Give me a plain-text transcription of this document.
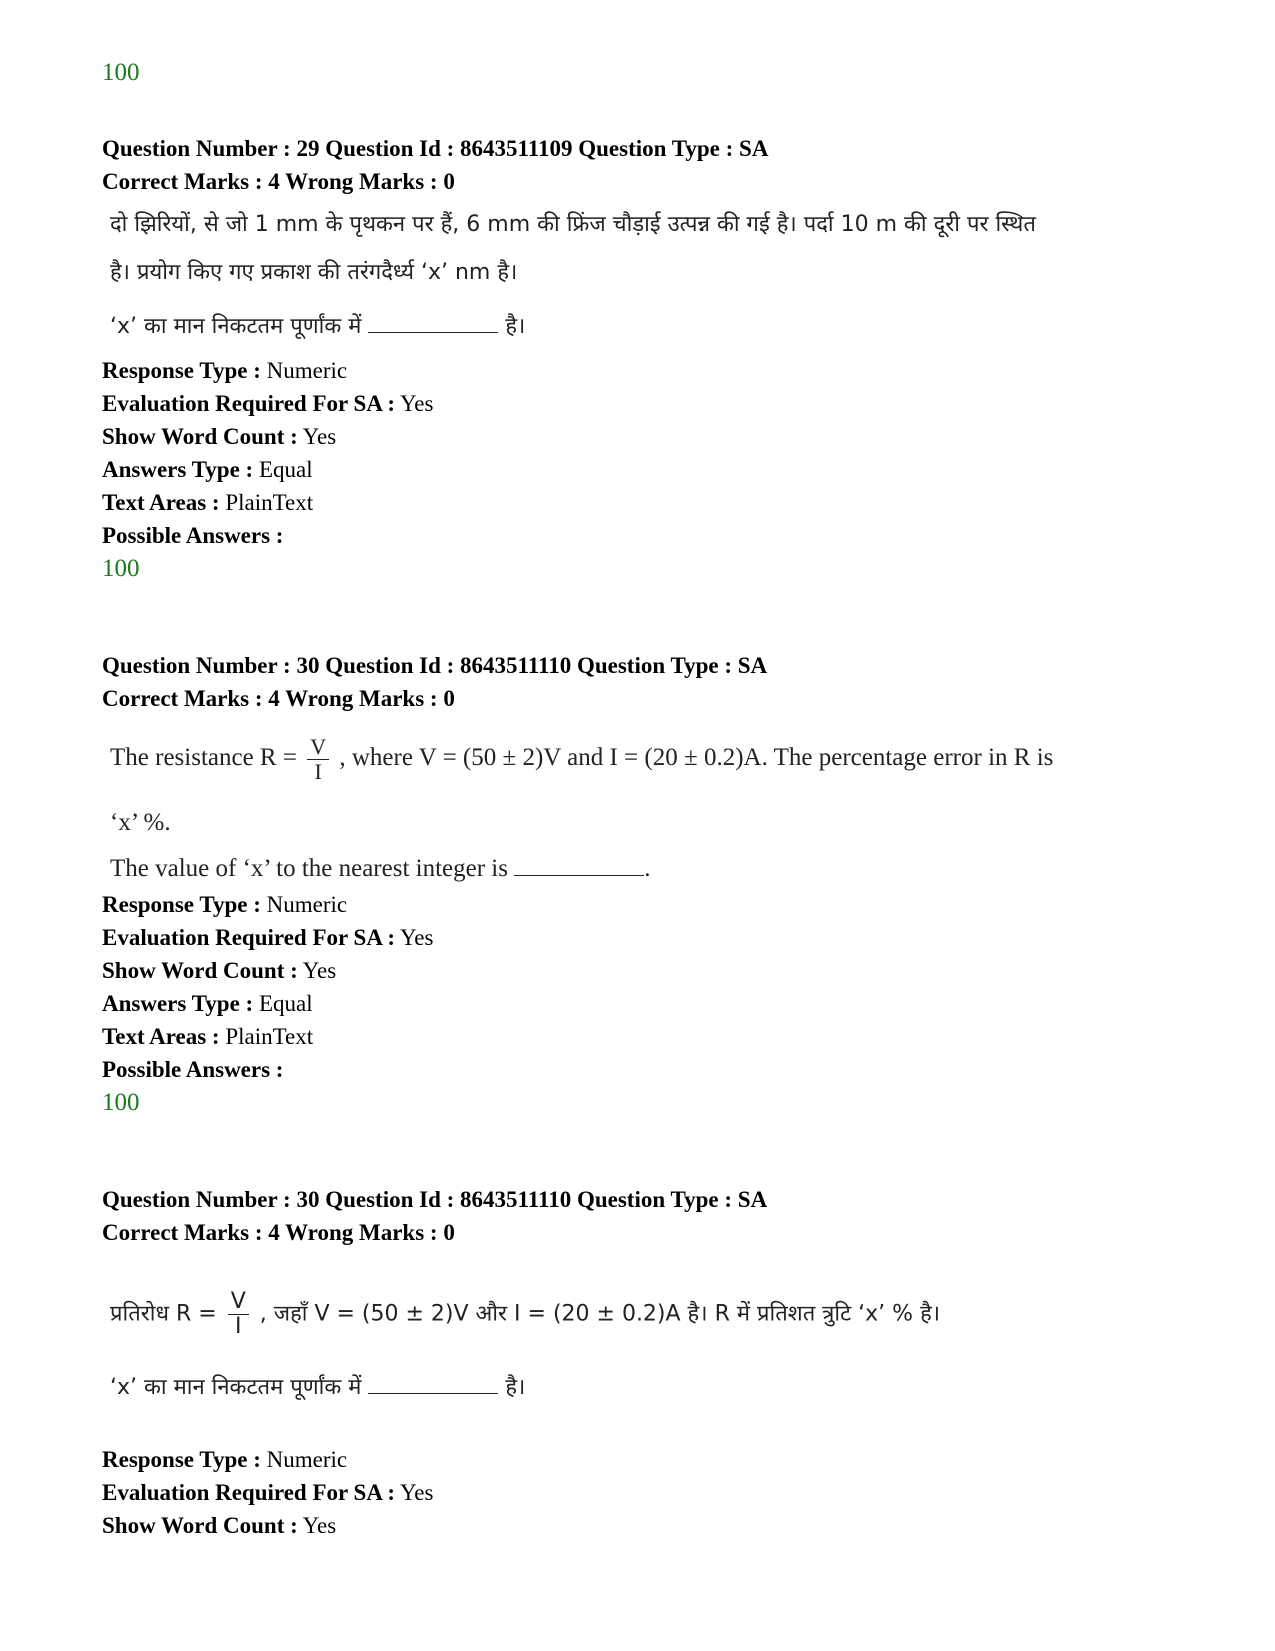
100
Question Number : 29 Question Id : 8643511109 Question Type : SA
Correct Marks : 4 Wrong Marks : 0
दो झिरियों, से जो 1 mm के पृथकन पर हैं, 6 mm की फ्रिंज चौड़ाई उत्पन्न की गई है। पर्दा 10 m की दूरी पर स्थित
है। प्रयोग किए गए प्रकाश की तरंगदैर्ध्य ‘x’ nm है।
‘x’ का मान निकटतम पूर्णांक में	है।
Response Type : Numeric
Evaluation Required For SA : Yes
Show Word Count : Yes
Answers Type : Equal
Text Areas : PlainText
Possible Answers :
100
Question Number : 30 Question Id : 8643511110 Question Type : SA
Correct Marks : 4 Wrong Marks : 0
The resistance $R = \frac{V}{I}$ , where V = (50 ± 2)V and I = (20 ± 0.2)A. The percentage error in R is
‘x’ %.
The value of ‘x’ to the nearest integer is	.
Response Type : Numeric
Evaluation Required For SA : Yes
Show Word Count : Yes
Answers Type : Equal
Text Areas : PlainText
Possible Answers :
100
Question Number : 30 Question Id : 8643511110 Question Type : SA
Correct Marks : 4 Wrong Marks : 0
प्रतिरोध $R = \frac{V}{I}$ , जहाँ V = (50 ± 2)V और I = (20 ± 0.2)A है। R में प्रतिशत त्रुटि ‘x’ % है।
‘x’ का मान निकटतम पूर्णांक में	है।
Response Type : Numeric
Evaluation Required For SA : Yes
Show Word Count : Yes
